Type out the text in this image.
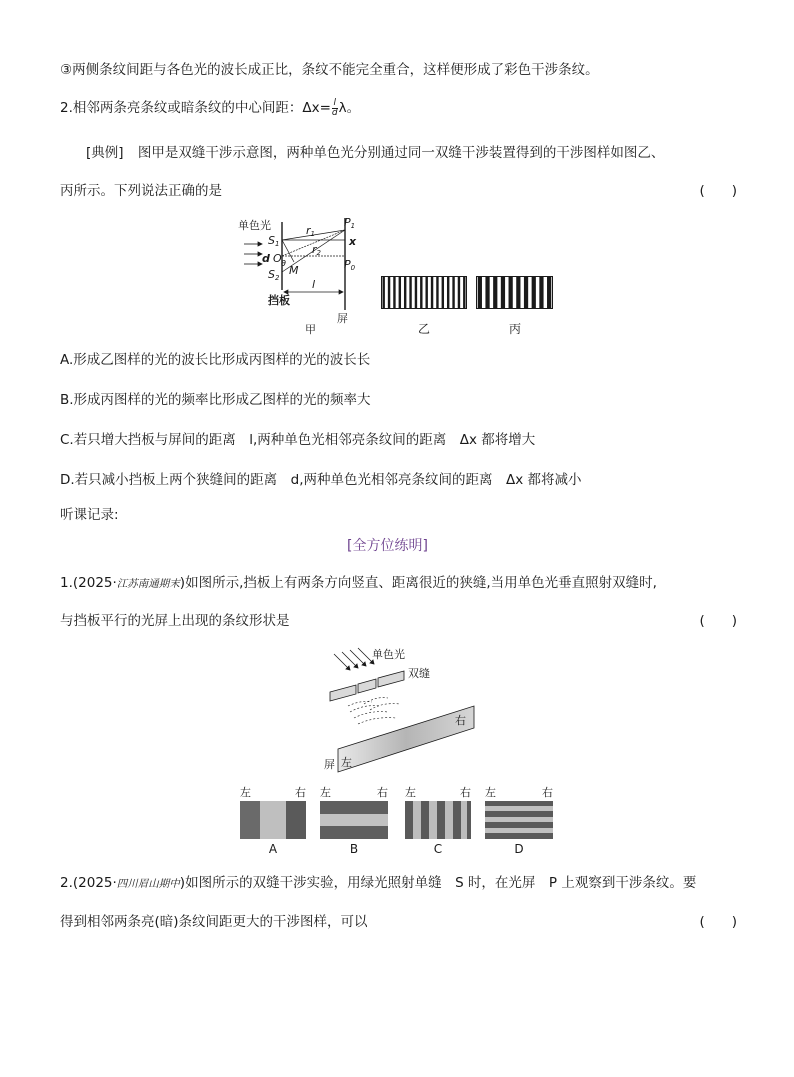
③两侧条纹间距与各色光的波长成正比，条纹不能完全重合，这样便形成了彩色干涉条纹。
2.相邻两条亮条纹或暗条纹的中心间距：$\Delta x= \frac{l}{d}$ λ。
[典例] 图甲是双缝干涉示意图，两种单色光分别通过同一双缝干涉装置得到的干涉图样如图乙、
丙所示。下列说法正确的是	(　　)
单色光
S1
S2
d O θ
M
r1
r2
P1
P0
x
l
挡板
屏
甲	乙	丙
A.形成乙图样的光的波长比形成丙图样的光的波长长
B.形成丙图样的光的频率比形成乙图样的光的频率大
C.若只增大挡板与屏间的距离　l,两种单色光相邻亮条纹间的距离　Δx 都将增大
D.若只减小挡板上两个狭缝间的距离　d,两种单色光相邻亮条纹间的距离　Δx 都将减小
听课记录:
[全方位练明]
1.(2025·江苏南通期末)如图所示,挡板上有两条方向竖直、距离很近的狭缝,当用单色光垂直照射双缝时,
与挡板平行的光屏上出现的条纹形状是	(　　)
单色光
双缝
左
右
屏
左	右
A
左	右
B
左	右
C
左	右
D
2.(2025·四川眉山期中)如图所示的双缝干涉实验，用绿光照射单缝　S 时，在光屏　P 上观察到干涉条纹。要
得到相邻两条亮(暗)条纹间距更大的干涉图样，可以	(　　)
